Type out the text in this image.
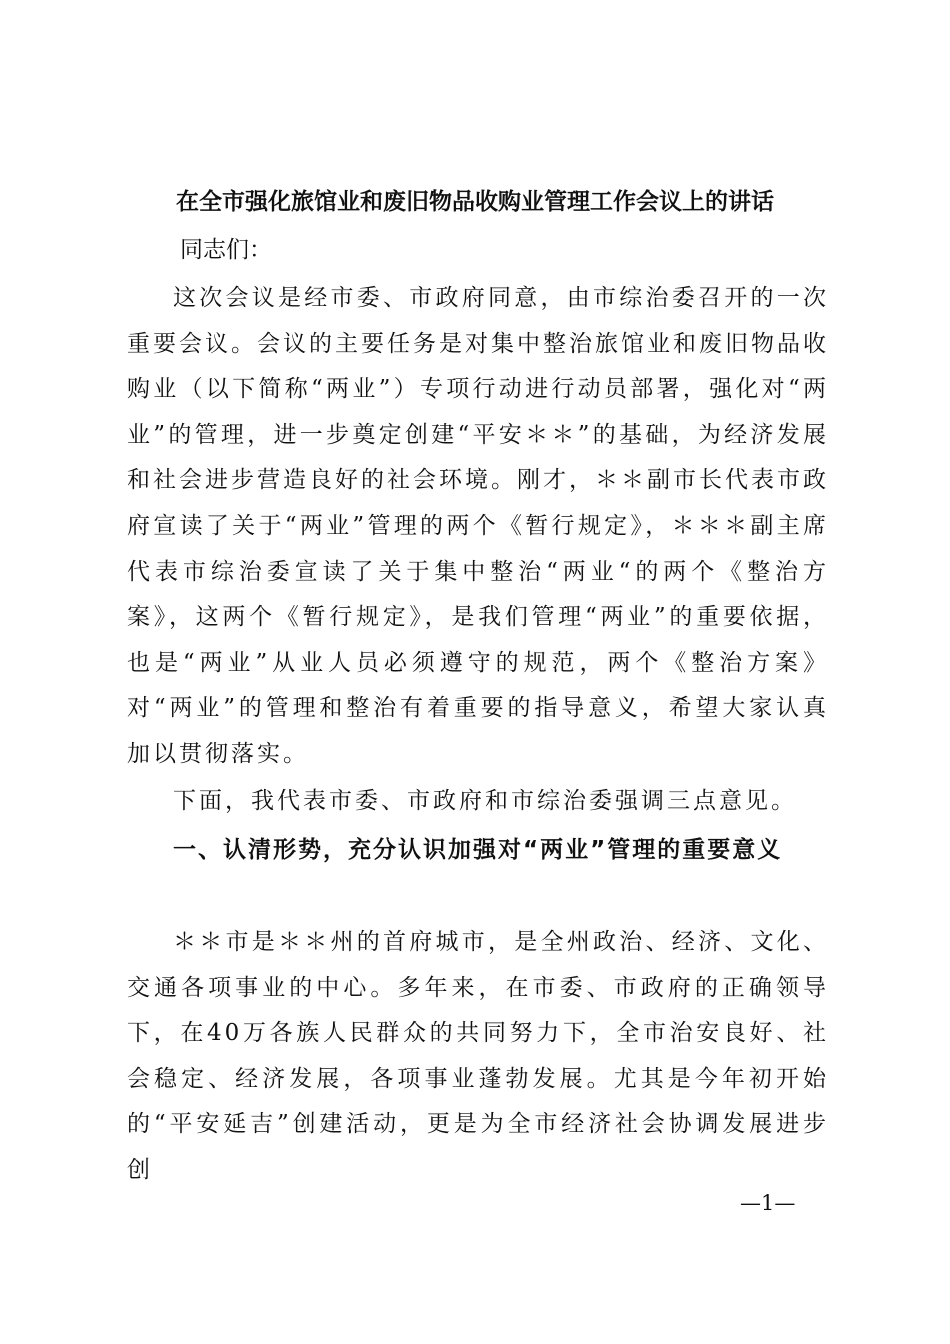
在全市强化旅馆业和废旧物品收购业管理工作会议上的讲话

同志们：

这次会议是经市委、市政府同意，由市综治委召开的一次重要会议。会议的主要任务是对集中整治旅馆业和废旧物品收购业（以下简称“两业”）专项行动进行动员部署，强化对“两业”的管理，进一步奠定创建“平安＊＊”的基础，为经济发展和社会进步营造良好的社会环境。刚才，＊＊副市长代表市政府宣读了关于“两业”管理的两个《暂行规定》，＊＊＊副主席代表市综治委宣读了关于集中整治“两业“的两个《整治方案》，这两个《暂行规定》，是我们管理“两业”的重要依据，也是“两业”从业人员必须遵守的规范，两个《整治方案》对“两业”的管理和整治有着重要的指导意义，希望大家认真加以贯彻落实。

下面，我代表市委、市政府和市综治委强调三点意见。

一、认清形势，充分认识加强对“两业”管理的重要意义

＊＊市是＊＊州的首府城市，是全州政治、经济、文化、交通各项事业的中心。多年来，在市委、市政府的正确领导下，在40万各族人民群众的共同努力下，全市治安良好、社会稳定、经济发展，各项事业蓬勃发展。尤其是今年初开始的“平安延吉”创建活动，更是为全市经济社会协调发展进步创

—1—
